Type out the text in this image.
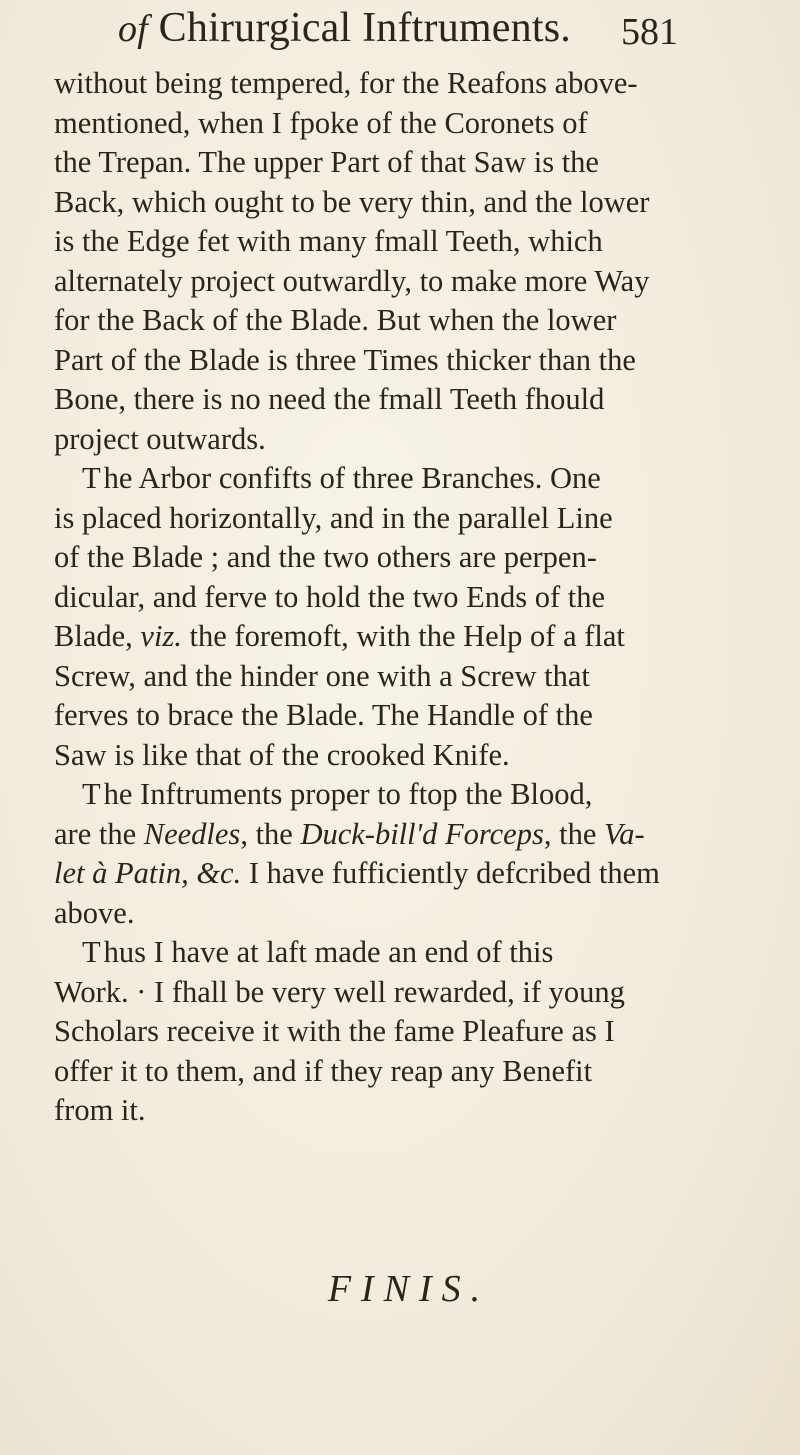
of Chirurgical Inftruments. 581
without being tempered, for the Reafons above-
mentioned, when I fpoke of the Coronets of
the Trepan. The upper Part of that Saw is the
Back, which ought to be very thin, and the lower
is the Edge fet with many fmall Teeth, which
alternately project outwardly, to make more Way
for the Back of the Blade. But when the lower
Part of the Blade is three Times thicker than the
Bone, there is no need the fmall Teeth fhould
project outwards.
The Arbor confifts of three Branches. One
is placed horizontally, and in the parallel Line
of the Blade ; and the two others are perpen-
dicular, and ferve to hold the two Ends of the
Blade, viz. the foremoft, with the Help of a flat
Screw, and the hinder one with a Screw that
ferves to brace the Blade. The Handle of the
Saw is like that of the crooked Knife.
The Inftruments proper to ftop the Blood,
are the Needles, the Duck-bill'd Forceps, the Va-
let à Patin, &c. I have fufficiently defcribed them
above.
Thus I have at laft made an end of this
Work. · I fhall be very well rewarded, if young
Scholars receive it with the fame Pleafure as I
offer it to them, and if they reap any Benefit
from it.
FINIS.
